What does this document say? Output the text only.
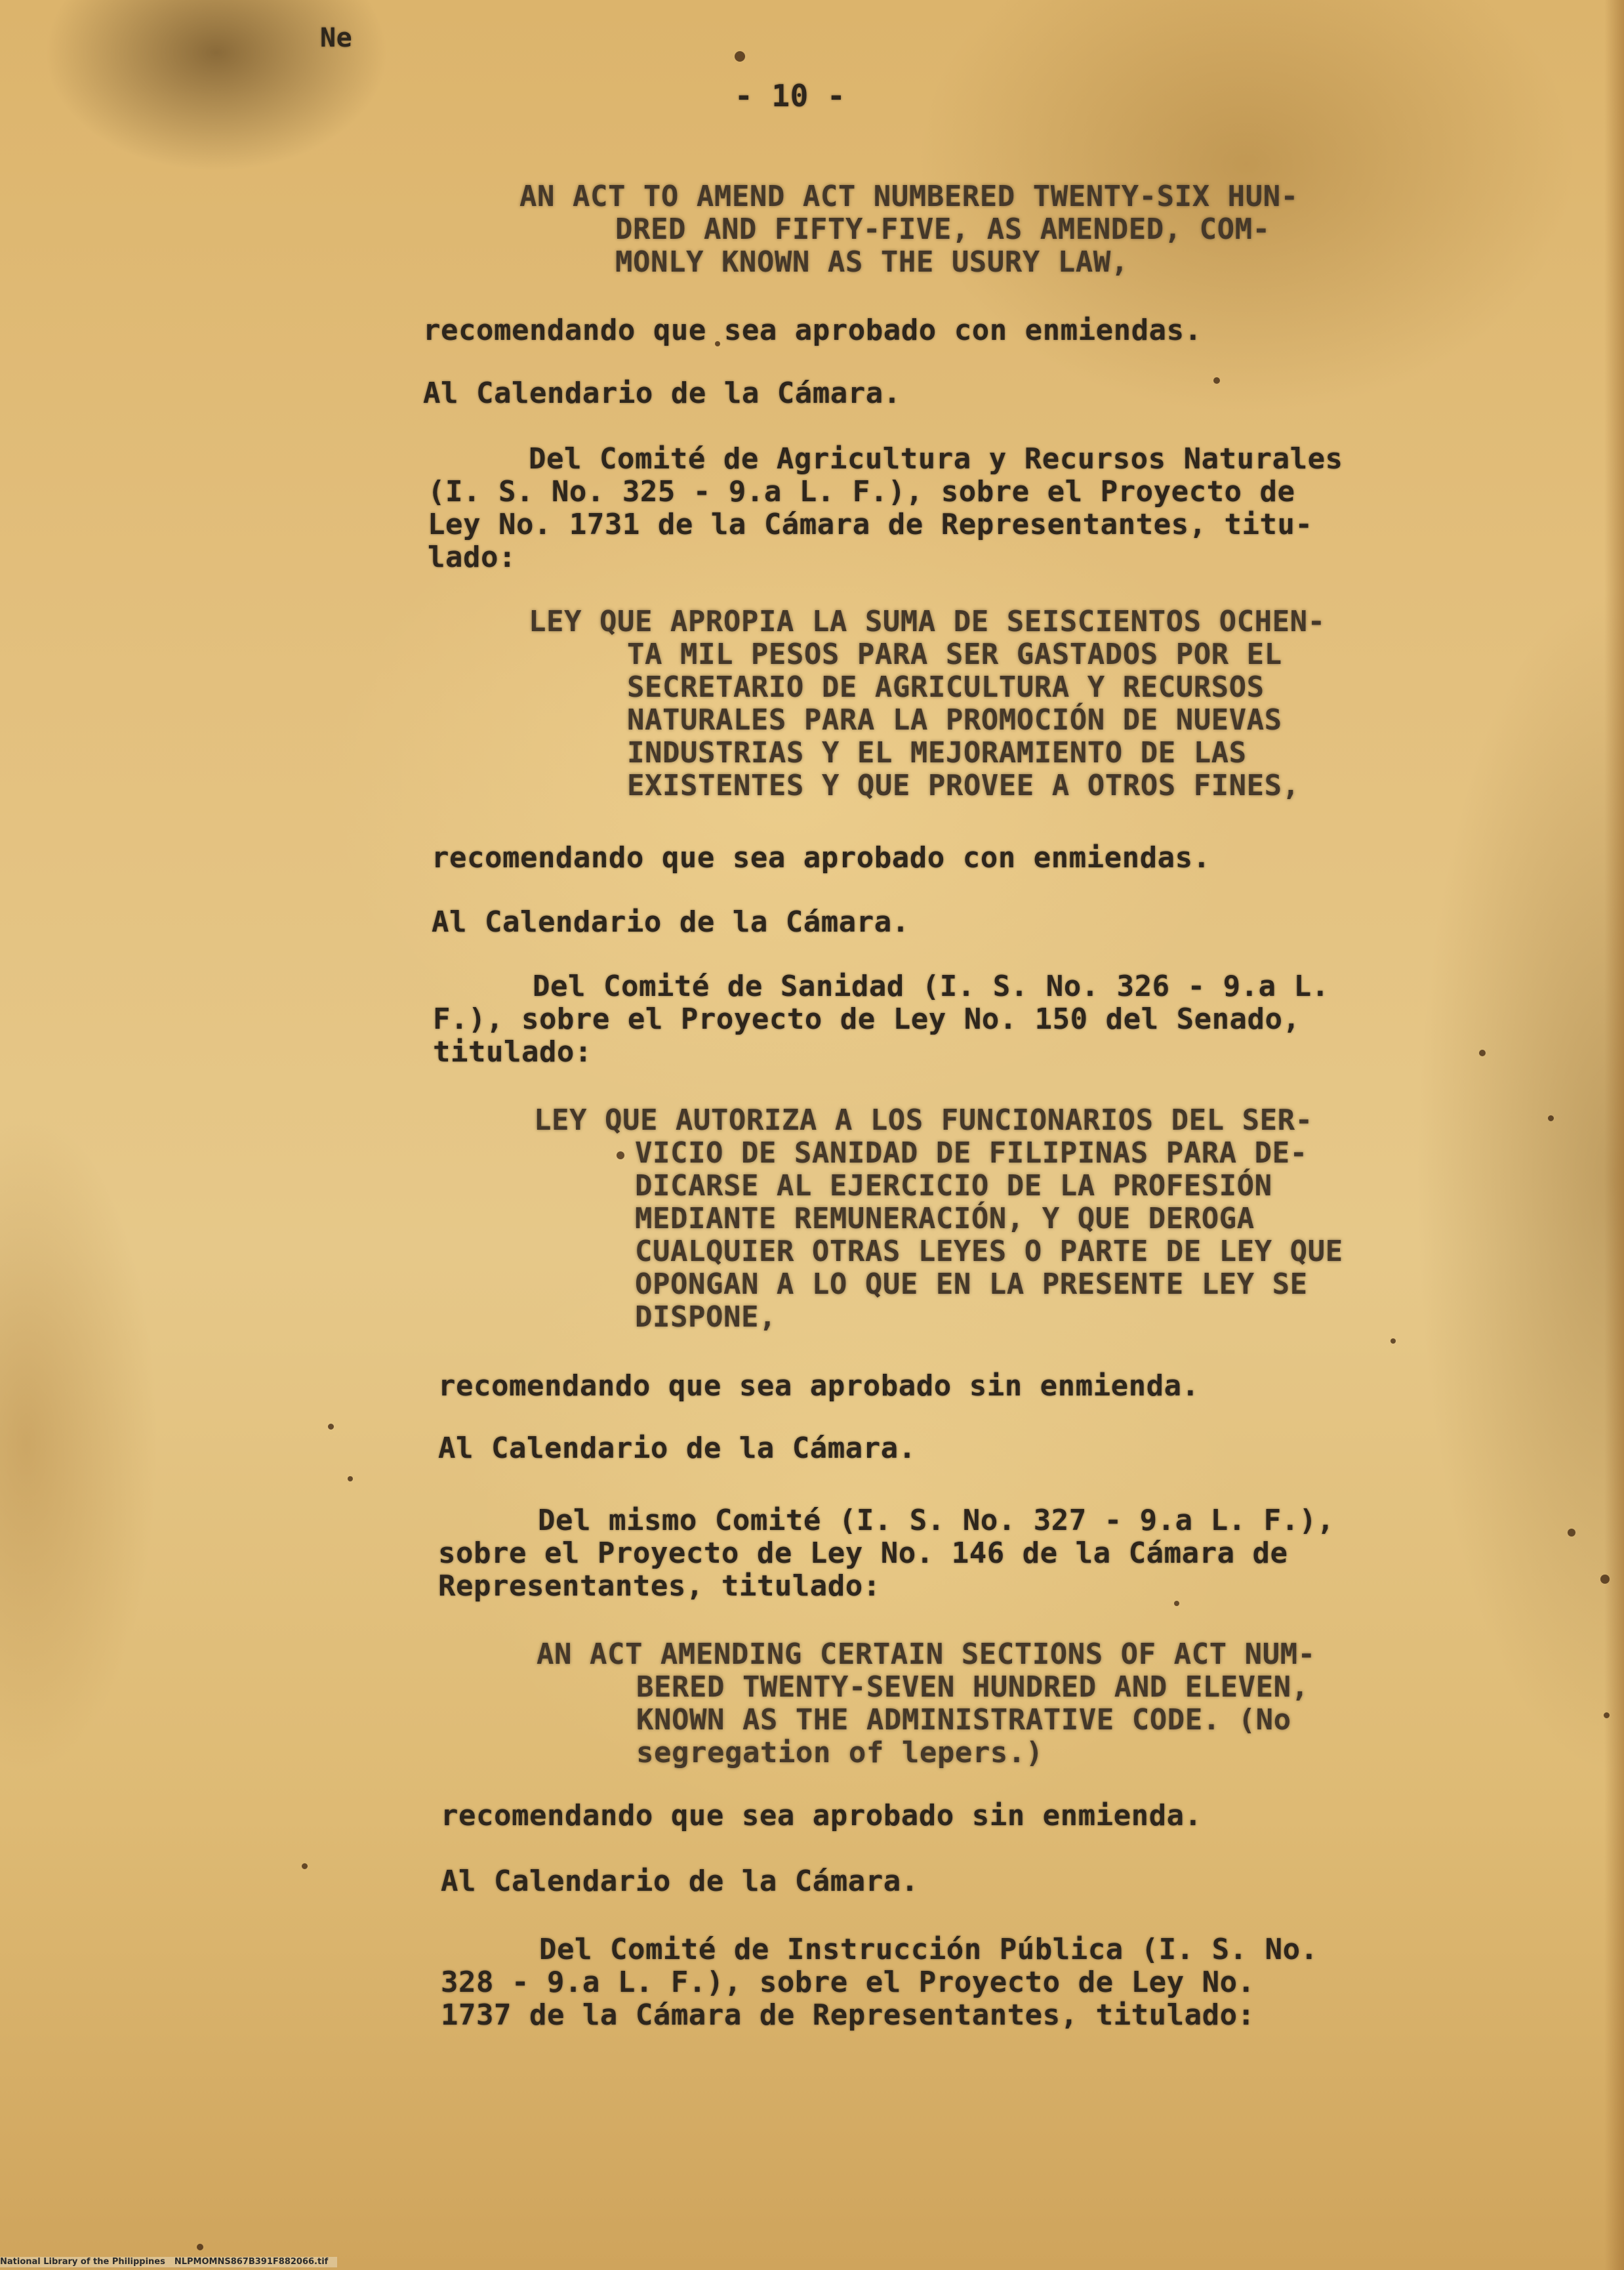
Ne
- 10 -
AN ACT TO AMEND ACT NUMBERED TWENTY-SIX HUN-
DRED AND FIFTY-FIVE, AS AMENDED, COM-
MONLY KNOWN AS THE USURY LAW,
recomendando que sea aprobado con enmiendas.
Al Calendario de la Cámara.
Del Comité de Agricultura y Recursos Naturales
(I. S. No. 325 - 9.a L. F.), sobre el Proyecto de
Ley No. 1731 de la Cámara de Representantes, titu-
lado:
LEY QUE APROPIA LA SUMA DE SEISCIENTOS OCHEN-
TA MIL PESOS PARA SER GASTADOS POR EL
SECRETARIO DE AGRICULTURA Y RECURSOS
NATURALES PARA LA PROMOCIÓN DE NUEVAS
INDUSTRIAS Y EL MEJORAMIENTO DE LAS
EXISTENTES Y QUE PROVEE A OTROS FINES,
recomendando que sea aprobado con enmiendas.
Al Calendario de la Cámara.
Del Comité de Sanidad (I. S. No. 326 - 9.a L.
F.), sobre el Proyecto de Ley No. 150 del Senado,
titulado:
LEY QUE AUTORIZA A LOS FUNCIONARIOS DEL SER-
VICIO DE SANIDAD DE FILIPINAS PARA DE-
DICARSE AL EJERCICIO DE LA PROFESIÓN
MEDIANTE REMUNERACIÓN, Y QUE DEROGA
CUALQUIER OTRAS LEYES O PARTE DE LEY QUE
OPONGAN A LO QUE EN LA PRESENTE LEY SE
DISPONE,
recomendando que sea aprobado sin enmienda.
Al Calendario de la Cámara.
Del mismo Comité (I. S. No. 327 - 9.a L. F.),
sobre el Proyecto de Ley No. 146 de la Cámara de
Representantes, titulado:
AN ACT AMENDING CERTAIN SECTIONS OF ACT NUM-
BERED TWENTY-SEVEN HUNDRED AND ELEVEN,
KNOWN AS THE ADMINISTRATIVE CODE. (No
segregation of lepers.)
recomendando que sea aprobado sin enmienda.
Al Calendario de la Cámara.
Del Comité de Instrucción Pública (I. S. No.
328 - 9.a L. F.), sobre el Proyecto de Ley No.
1737 de la Cámara de Representantes, titulado:
National Library of the Philippines NLPMOMNS867B391F882066.tif
